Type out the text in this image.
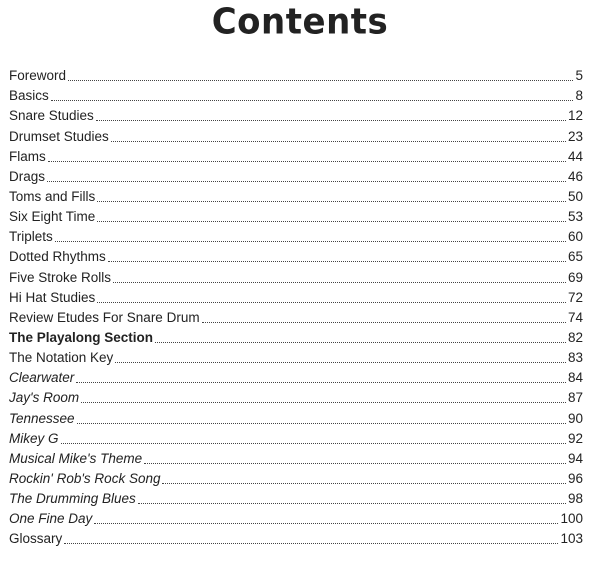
Contents
Foreword	5
Basics	8
Snare Studies	12
Drumset Studies	23
Flams	44
Drags	46
Toms and Fills	50
Six Eight Time	53
Triplets	60
Dotted Rhythms	65
Five Stroke Rolls	69
Hi Hat Studies	72
Review Etudes For Snare Drum	74
The Playalong Section	82
The Notation Key	83
Clearwater	84
Jay's Room	87
Tennessee	90
Mikey G	92
Musical Mike's Theme	94
Rockin' Rob's Rock Song	96
The Drumming Blues	98
One Fine Day	100
Glossary	103
